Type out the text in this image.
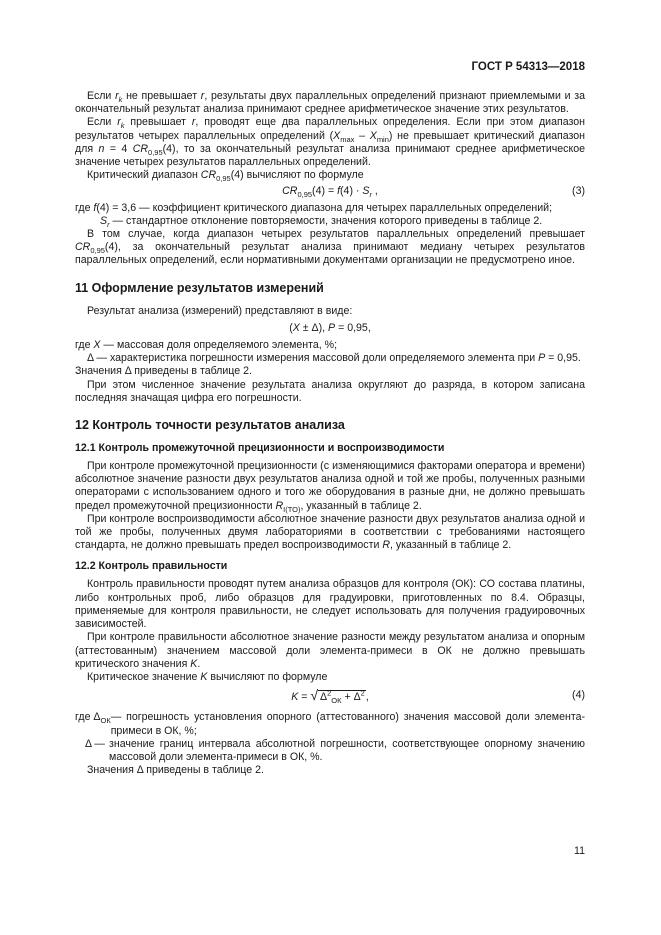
ГОСТ Р 54313—2018

Если $r_k$ не превышает r, результаты двух параллельных определений признают приемлемыми и за окончательный результат анализа принимают среднее арифметическое значение этих результатов.

Если $r_k$ превышает r, проводят еще два параллельных определения. Если при этом диапазон результатов четырех параллельных определений $(X_{max} - X_{min})$ не превышает критический диапазон для n = 4 $CR_{0,95}(4)$, то за окончательный результат анализа принимают среднее арифметическое значение четырех результатов параллельных определений.

Критический диапазон $CR_{0,95}(4)$ вычисляют по формуле

$CR_{0,95}(4) = f(4) \cdot S_r$ ,	(3)

где f(4) = 3,6 — коэффициент критического диапазона для четырех параллельных определений;

$S_r$ — стандартное отклонение повторяемости, значения которого приведены в таблице 2.

В том случае, когда диапазон четырех результатов параллельных определений превышает $CR_{0,95}(4)$, за окончательный результат анализа принимают медиану четырех результатов параллельных определений, если нормативными документами организации не предусмотрено иное.

11 Оформление результатов измерений

Результат анализа (измерений) представляют в виде:

(X ± Δ), P = 0,95,

где X — массовая доля определяемого элемента, %;

Δ — характеристика погрешности измерения массовой доли определяемого элемента при P = 0,95.

Значения Δ приведены в таблице 2.

При этом численное значение результата анализа округляют до разряда, в котором записана последняя значащая цифра его погрешности.

12 Контроль точности результатов анализа
12.1 Контроль промежуточной прецизионности и воспроизводимости

При контроле промежуточной прецизионности (с изменяющимися факторами оператора и времени) абсолютное значение разности двух результатов анализа одной и той же пробы, полученных разными операторами с использованием одного и того же оборудования в разные дни, не должно превышать предел промежуточной прецизионности $R_{I(TO)}$, указанный в таблице 2.

При контроле воспроизводимости абсолютное значение разности двух результатов анализа одной и той же пробы, полученных двумя лабораториями в соответствии с требованиями настоящего стандарта, не должно превышать предел воспроизводимости R, указанный в таблице 2.

12.2 Контроль правильности

Контроль правильности проводят путем анализа образцов для контроля (ОК): СО состава платины, либо контрольных проб, либо образцов для градуировки, приготовленных по 8.4. Образцы, применяемые для контроля правильности, не следует использовать для получения градуировочных зависимостей.

При контроле правильности абсолютное значение разности между результатом анализа и опорным (аттестованным) значением массовой доли элемента-примеси в ОК не должно превышать критического значения K.

Критическое значение K вычисляют по формуле

K = √ $\Delta^2_{ОК} + \Delta^2$,	(4)
где $\Delta_{ОК}$ — погрешность установления опорного (аттестованного) значения массовой доли элемента-примеси в ОК, %;
Δ — значение границ интервала абсолютной погрешности, соответствующее опорному значению массовой доли элемента-примеси в ОК, %.

Значения Δ приведены в таблице 2.

11
